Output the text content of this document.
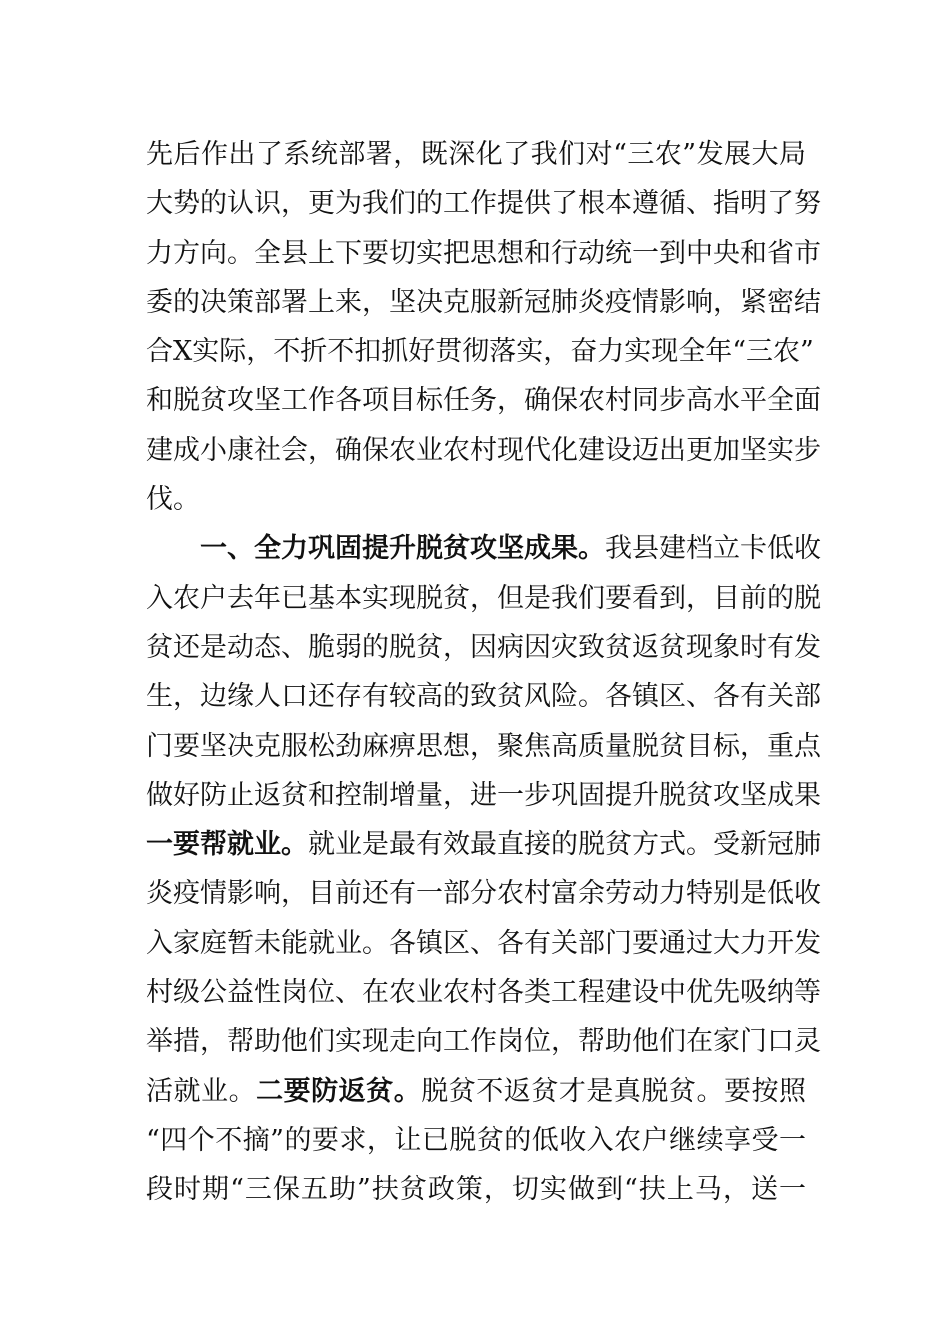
先后作出了系统部署，既深化了我们对“三农”发展大局
大势的认识，更为我们的工作提供了根本遵循、指明了努
力方向。全县上下要切实把思想和行动统一到中央和省市
委的决策部署上来，坚决克服新冠肺炎疫情影响，紧密结
合X实际，不折不扣抓好贯彻落实，奋力实现全年“三农”
和脱贫攻坚工作各项目标任务，确保农村同步高水平全面
建成小康社会，确保农业农村现代化建设迈出更加坚实步
伐。
一、全力巩固提升脱贫攻坚成果。我县建档立卡低收
入农户去年已基本实现脱贫，但是我们要看到，目前的脱
贫还是动态、脆弱的脱贫，因病因灾致贫返贫现象时有发
生，边缘人口还存有较高的致贫风险。各镇区、各有关部
门要坚决克服松劲麻痹思想，聚焦高质量脱贫目标，重点
做好防止返贫和控制增量，进一步巩固提升脱贫攻坚成果
一要帮就业。就业是最有效最直接的脱贫方式。受新冠肺
炎疫情影响，目前还有一部分农村富余劳动力特别是低收
入家庭暂未能就业。各镇区、各有关部门要通过大力开发
村级公益性岗位、在农业农村各类工程建设中优先吸纳等
举措，帮助他们实现走向工作岗位，帮助他们在家门口灵
活就业。二要防返贫。脱贫不返贫才是真脱贫。要按照
“四个不摘”的要求，让已脱贫的低收入农户继续享受一
段时期“三保五助”扶贫政策，切实做到“扶上马，送一
